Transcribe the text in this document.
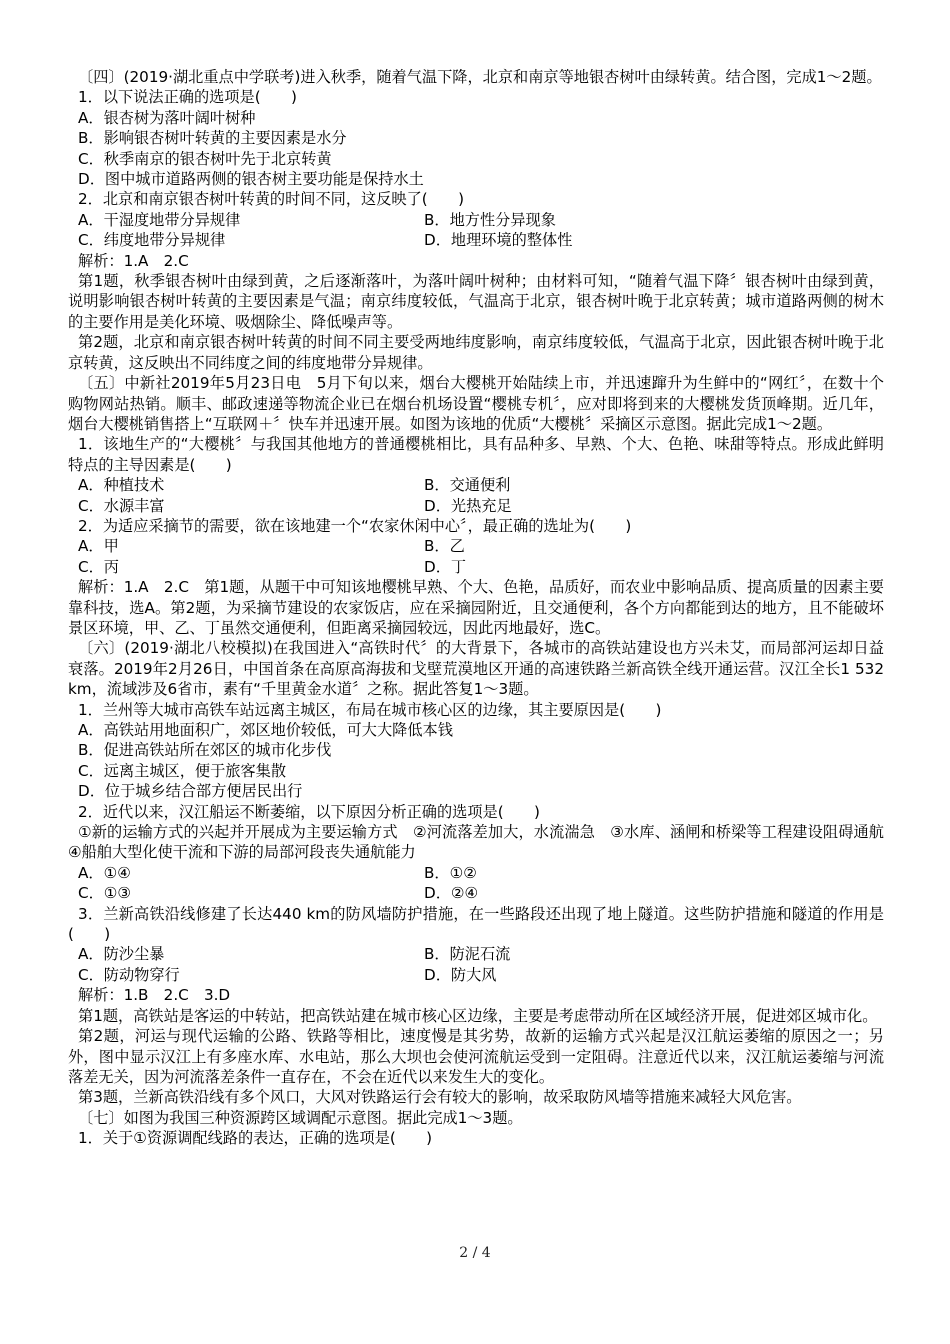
〔四〕(2019·湖北重点中学联考)进入秋季，随着气温下降，北京和南京等地银杏树叶由绿转黄。结合图，完成1～2题。

1．以下说法正确的选项是(　　)

A．银杏树为落叶阔叶树种

B．影响银杏树叶转黄的主要因素是水分

C．秋季南京的银杏树叶先于北京转黄

D．图中城市道路两侧的银杏树主要功能是保持水土

2．北京和南京银杏树叶转黄的时间不同，这反映了(　　)

A．干湿度地带分异规律	B．地方性分异现象
C．纬度地带分异规律	D．地理环境的整体性

解析：1.A　2.C

第1题，秋季银杏树叶由绿到黄，之后逐渐落叶，为落叶阔叶树种；由材料可知，“随着气温下降〞银杏树叶由绿到黄，说明影响银杏树叶转黄的主要因素是气温；南京纬度较低，气温高于北京，银杏树叶晚于北京转黄；城市道路两侧的树木的主要作用是美化环境、吸烟除尘、降低噪声等。

第2题，北京和南京银杏树叶转黄的时间不同主要受两地纬度影响，南京纬度较低，气温高于北京，因此银杏树叶晚于北京转黄，这反映出不同纬度之间的纬度地带分异规律。

〔五〕中新社2019年5月23日电　5月下旬以来，烟台大樱桃开始陆续上市，并迅速蹿升为生鲜中的“网红〞，在数十个购物网站热销。顺丰、邮政速递等物流企业已在烟台机场设置“樱桃专机〞，应对即将到来的大樱桃发货顶峰期。近几年，烟台大樱桃销售搭上“互联网＋〞快车并迅速开展。如图为该地的优质“大樱桃〞采摘区示意图。据此完成1～2题。

1．该地生产的“大樱桃〞与我国其他地方的普通樱桃相比，具有品种多、早熟、个大、色艳、味甜等特点。形成此鲜明特点的主导因素是(　　)

A．种植技术	B．交通便利
C．水源丰富	D．光热充足

2．为适应采摘节的需要，欲在该地建一个“农家休闲中心〞，最正确的选址为(　　)

A．甲	B．乙
C．丙	D．丁

解析：1.A　2.C　第1题，从题干中可知该地樱桃早熟、个大、色艳，品质好，而农业中影响品质、提高质量的因素主要靠科技，选A。第2题，为采摘节建设的农家饭店，应在采摘园附近，且交通便利，各个方向都能到达的地方，且不能破坏景区环境，甲、乙、丁虽然交通便利，但距离采摘园较远，因此丙地最好，选C。

〔六〕(2019·湖北八校模拟)在我国进入“高铁时代〞的大背景下，各城市的高铁站建设也方兴未艾，而局部河运却日益衰落。2019年2月26日，中国首条在高原高海拔和戈壁荒漠地区开通的高速铁路兰新高铁全线开通运营。汉江全长1 532 km，流域涉及6省市，素有“千里黄金水道〞之称。据此答复1～3题。

1．兰州等大城市高铁车站远离主城区，布局在城市核心区的边缘，其主要原因是(　　)

A．高铁站用地面积广，郊区地价较低，可大大降低本钱

B．促进高铁站所在郊区的城市化步伐

C．远离主城区，便于旅客集散

D．位于城乡结合部方便居民出行

2．近代以来，汉江船运不断萎缩，以下原因分析正确的选项是(　　)

①新的运输方式的兴起并开展成为主要运输方式　②河流落差加大，水流湍急　③水库、涵闸和桥梁等工程建设阻碍通航　④船舶大型化使干流和下游的局部河段丧失通航能力

A．①④	B．①②
C．①③	D．②④

3．兰新高铁沿线修建了长达440 km的防风墙防护措施，在一些路段还出现了地上隧道。这些防护措施和隧道的作用是(　　)

A．防沙尘暴	B．防泥石流
C．防动物穿行	D．防大风

解析：1.B　2.C　3.D

第1题，高铁站是客运的中转站，把高铁站建在城市核心区边缘，主要是考虑带动所在区域经济开展，促进郊区城市化。

第2题，河运与现代运输的公路、铁路等相比，速度慢是其劣势，故新的运输方式兴起是汉江航运萎缩的原因之一；另外，图中显示汉江上有多座水库、水电站，那么大坝也会使河流航运受到一定阻碍。注意近代以来，汉江航运萎缩与河流落差无关，因为河流落差条件一直存在，不会在近代以来发生大的变化。

第3题，兰新高铁沿线有多个风口，大风对铁路运行会有较大的影响，故采取防风墙等措施来减轻大风危害。

〔七〕如图为我国三种资源跨区域调配示意图。据此完成1～3题。

1．关于①资源调配线路的表达，正确的选项是(　　)

2 / 4
